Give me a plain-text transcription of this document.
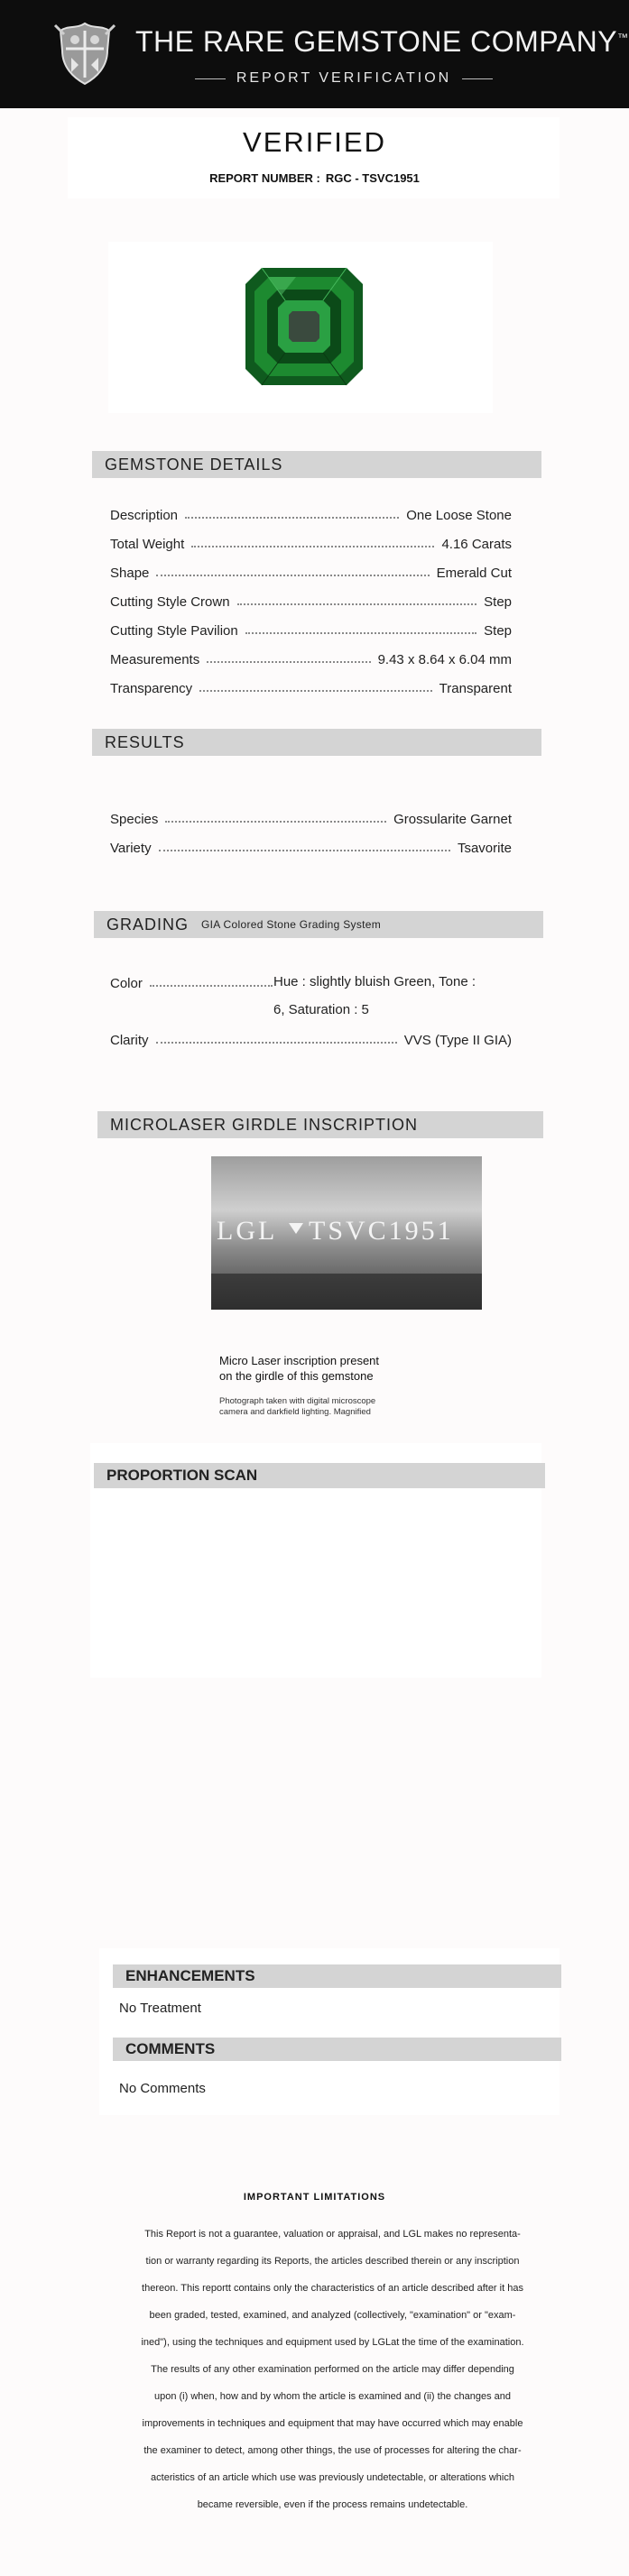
THE RARE GEMSTONE COMPANY™
REPORT VERIFICATION
VERIFIED
REPORT NUMBER : RGC - TSVC1951
GEMSTONE DETAILS
Description	One Loose Stone
Total Weight	4.16 Carats
Shape	Emerald Cut
Cutting Style Crown	Step
Cutting Style Pavilion	Step
Measurements	9.43 x 8.64 x 6.04 mm
Transparency	Transparent
RESULTS
Species	Grossularite Garnet
Variety	Tsavorite
GRADING GIA Colored Stone Grading System
Color	Hue : slightly bluish Green, Tone :
6, Saturation : 5
Clarity	VVS (Type II GIA)
MICROLASER GIRDLE INSCRIPTION
LGL TSVC1951
Micro Laser inscription present
on the girdle of this gemstone
Photograph taken with digital microscope
camera and darkfield lighting. Magnified
PROPORTION SCAN
ENHANCEMENTS
No Treatment
COMMENTS
No Comments
IMPORTANT LIMITATIONS
This Report is not a guarantee, valuation or appraisal, and LGL makes no representa-
tion or warranty regarding its Reports, the articles described therein or any inscription
thereon. This reportt contains only the characteristics of an article described after it has
been graded, tested, examined, and analyzed (collectively, "examination" or "exam-
ined"), using the techniques and equipment used by LGLat the time of the examination.
The results of any other examination performed on the article may differ depending
upon (i) when, how and by whom the article is examined and (ii) the changes and
improvements in techniques and equipment that may have occurred which may enable
the examiner to detect, among other things, the use of processes for altering the char-
acteristics of an article which use was previously undetectable, or alterations which
became reversible, even if the process remains undetectable.
